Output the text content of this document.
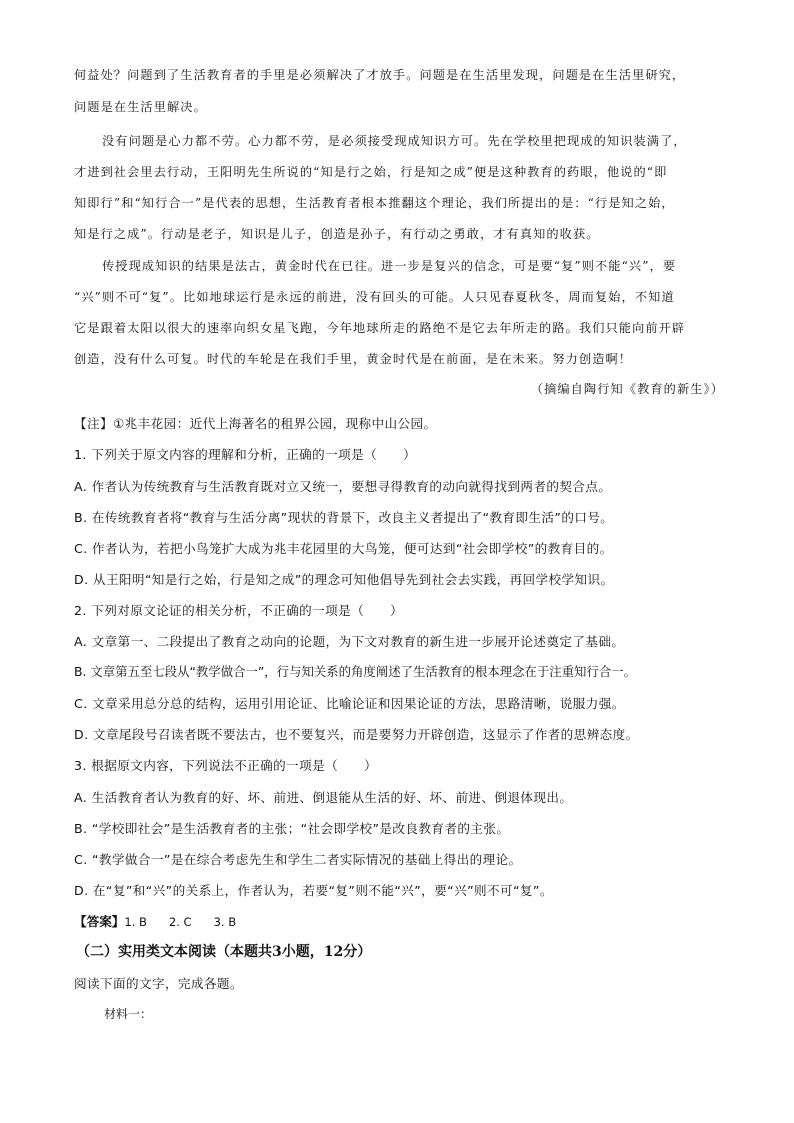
何益处？问题到了生活教育者的手里是必须解决了才放手。问题是在生活里发现，问题是在生活里研究，
问题是在生活里解决。
没有问题是心力都不劳。心力都不劳，是必须接受现成知识方可。先在学校里把现成的知识装满了，
才进到社会里去行动，王阳明先生所说的“知是行之始，行是知之成”便是这种教育的药眼，他说的“即
知即行”和“知行合一”是代表的思想，生活教育者根本推翻这个理论，我们所提出的是：“行是知之始，
知是行之成”。行动是老子，知识是儿子，创造是孙子，有行动之勇敢，才有真知的收获。
传授现成知识的结果是法古，黄金时代在已往。进一步是复兴的信念，可是要“复”则不能“兴”，要
“兴”则不可“复”。比如地球运行是永远的前进，没有回头的可能。人只见春夏秋冬，周而复始，不知道
它是跟着太阳以很大的速率向织女星飞跑，今年地球所走的路绝不是它去年所走的路。我们只能向前开辟
创造，没有什么可复。时代的车轮是在我们手里，黄金时代是在前面，是在未来。努力创造啊！
（摘编自陶行知《教育的新生》）
【注】①兆丰花园：近代上海著名的租界公园，现称中山公园。
1. 下列关于原文内容的理解和分析，正确的一项是（　　）
A. 作者认为传统教育与生活教育既对立又统一，要想寻得教育的动向就得找到两者的契合点。
B. 在传统教育者将“教育与生活分离”现状的背景下，改良主义者提出了“教育即生活”的口号。
C. 作者认为，若把小鸟笼扩大成为兆丰花园里的大鸟笼，便可达到“社会即学校”的教育目的。
D. 从王阳明“知是行之始，行是知之成”的理念可知他倡导先到社会去实践，再回学校学知识。
2. 下列对原文论证的相关分析，不正确的一项是（　　）
A. 文章第一、二段提出了教育之动向的论题，为下文对教育的新生进一步展开论述奠定了基础。
B. 文章第五至七段从“教学做合一”，行与知关系的角度阐述了生活教育的根本理念在于注重知行合一。
C. 文章采用总分总的结构，运用引用论证、比喻论证和因果论证的方法，思路清晰，说服力强。
D. 文章尾段号召读者既不要法古，也不要复兴，而是要努力开辟创造，这显示了作者的思辨态度。
3. 根据原文内容，下列说法不正确的一项是（　　）
A. 生活教育者认为教育的好、坏、前进、倒退能从生活的好、坏、前进、倒退体现出。
B. “学校即社会”是生活教育者的主张；“社会即学校”是改良教育者的主张。
C. “教学做合一”是在综合考虑先生和学生二者实际情况的基础上得出的理论。
D. 在“复”和“兴”的关系上，作者认为，若要“复”则不能“兴”，要“兴”则不可“复”。
【答案】1. B 2. C 3. B
（二）实用类文本阅读（本题共3小题，12分）
阅读下面的文字，完成各题。
材料一：
